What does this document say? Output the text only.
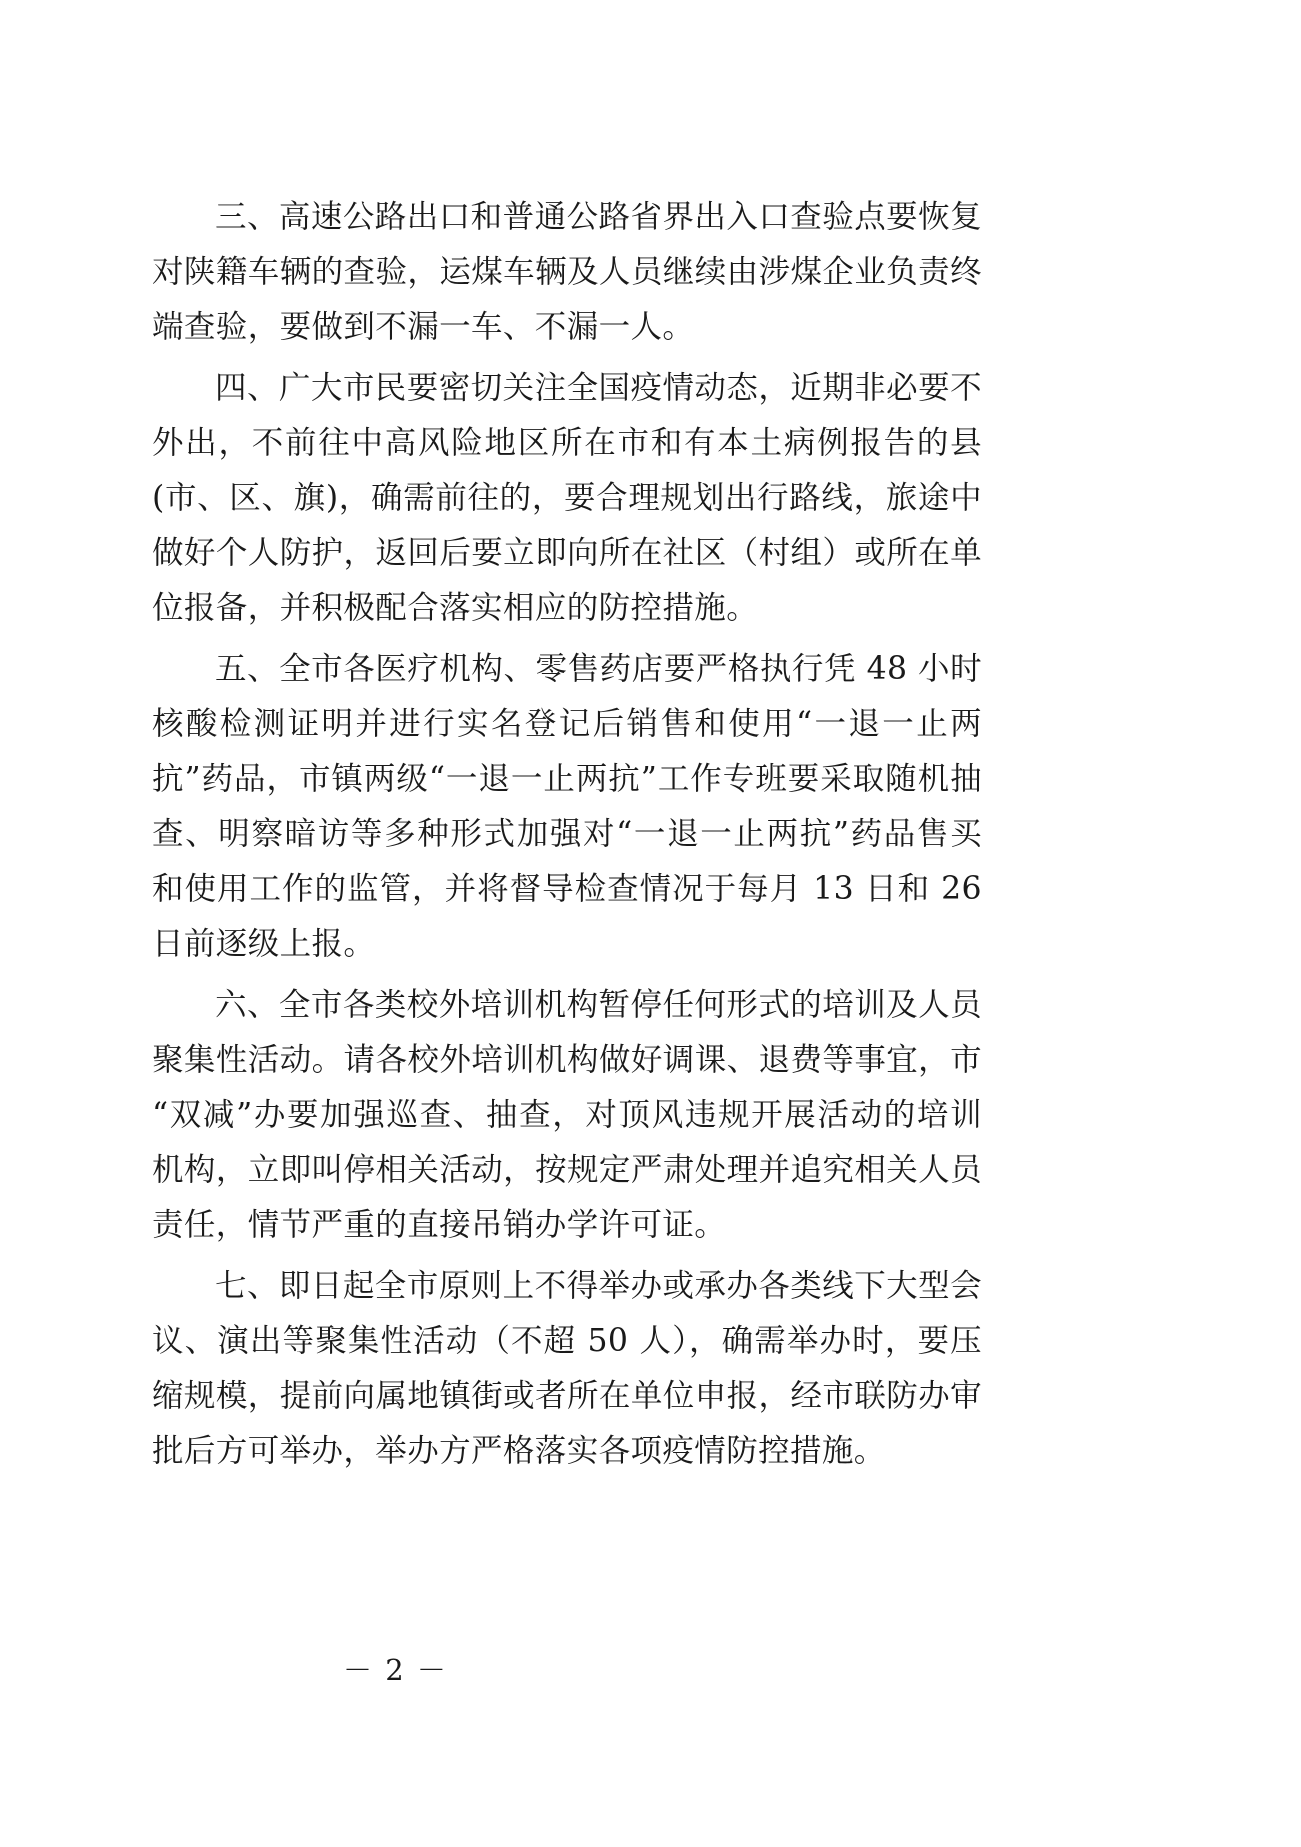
三、高速公路出口和普通公路省界出入口查验点要恢复对陕籍车辆的查验，运煤车辆及人员继续由涉煤企业负责终端查验，要做到不漏一车、不漏一人。

四、广大市民要密切关注全国疫情动态，近期非必要不外出，不前往中高风险地区所在市和有本土病例报告的县(市、区、旗)，确需前往的，要合理规划出行路线，旅途中做好个人防护，返回后要立即向所在社区（村组）或所在单位报备，并积极配合落实相应的防控措施。

五、全市各医疗机构、零售药店要严格执行凭 48 小时核酸检测证明并进行实名登记后销售和使用“一退一止两抗”药品，市镇两级“一退一止两抗”工作专班要采取随机抽查、明察暗访等多种形式加强对“一退一止两抗”药品售买和使用工作的监管，并将督导检查情况于每月 13 日和 26 日前逐级上报。

六、全市各类校外培训机构暂停任何形式的培训及人员聚集性活动。请各校外培训机构做好调课、退费等事宜，市“双减”办要加强巡查、抽查，对顶风违规开展活动的培训机构，立即叫停相关活动，按规定严肃处理并追究相关人员责任，情节严重的直接吊销办学许可证。

七、即日起全市原则上不得举办或承办各类线下大型会议、演出等聚集性活动（不超 50 人），确需举办时，要压缩规模，提前向属地镇街或者所在单位申报，经市联防办审批后方可举办，举办方严格落实各项疫情防控措施。

－ 2 －
